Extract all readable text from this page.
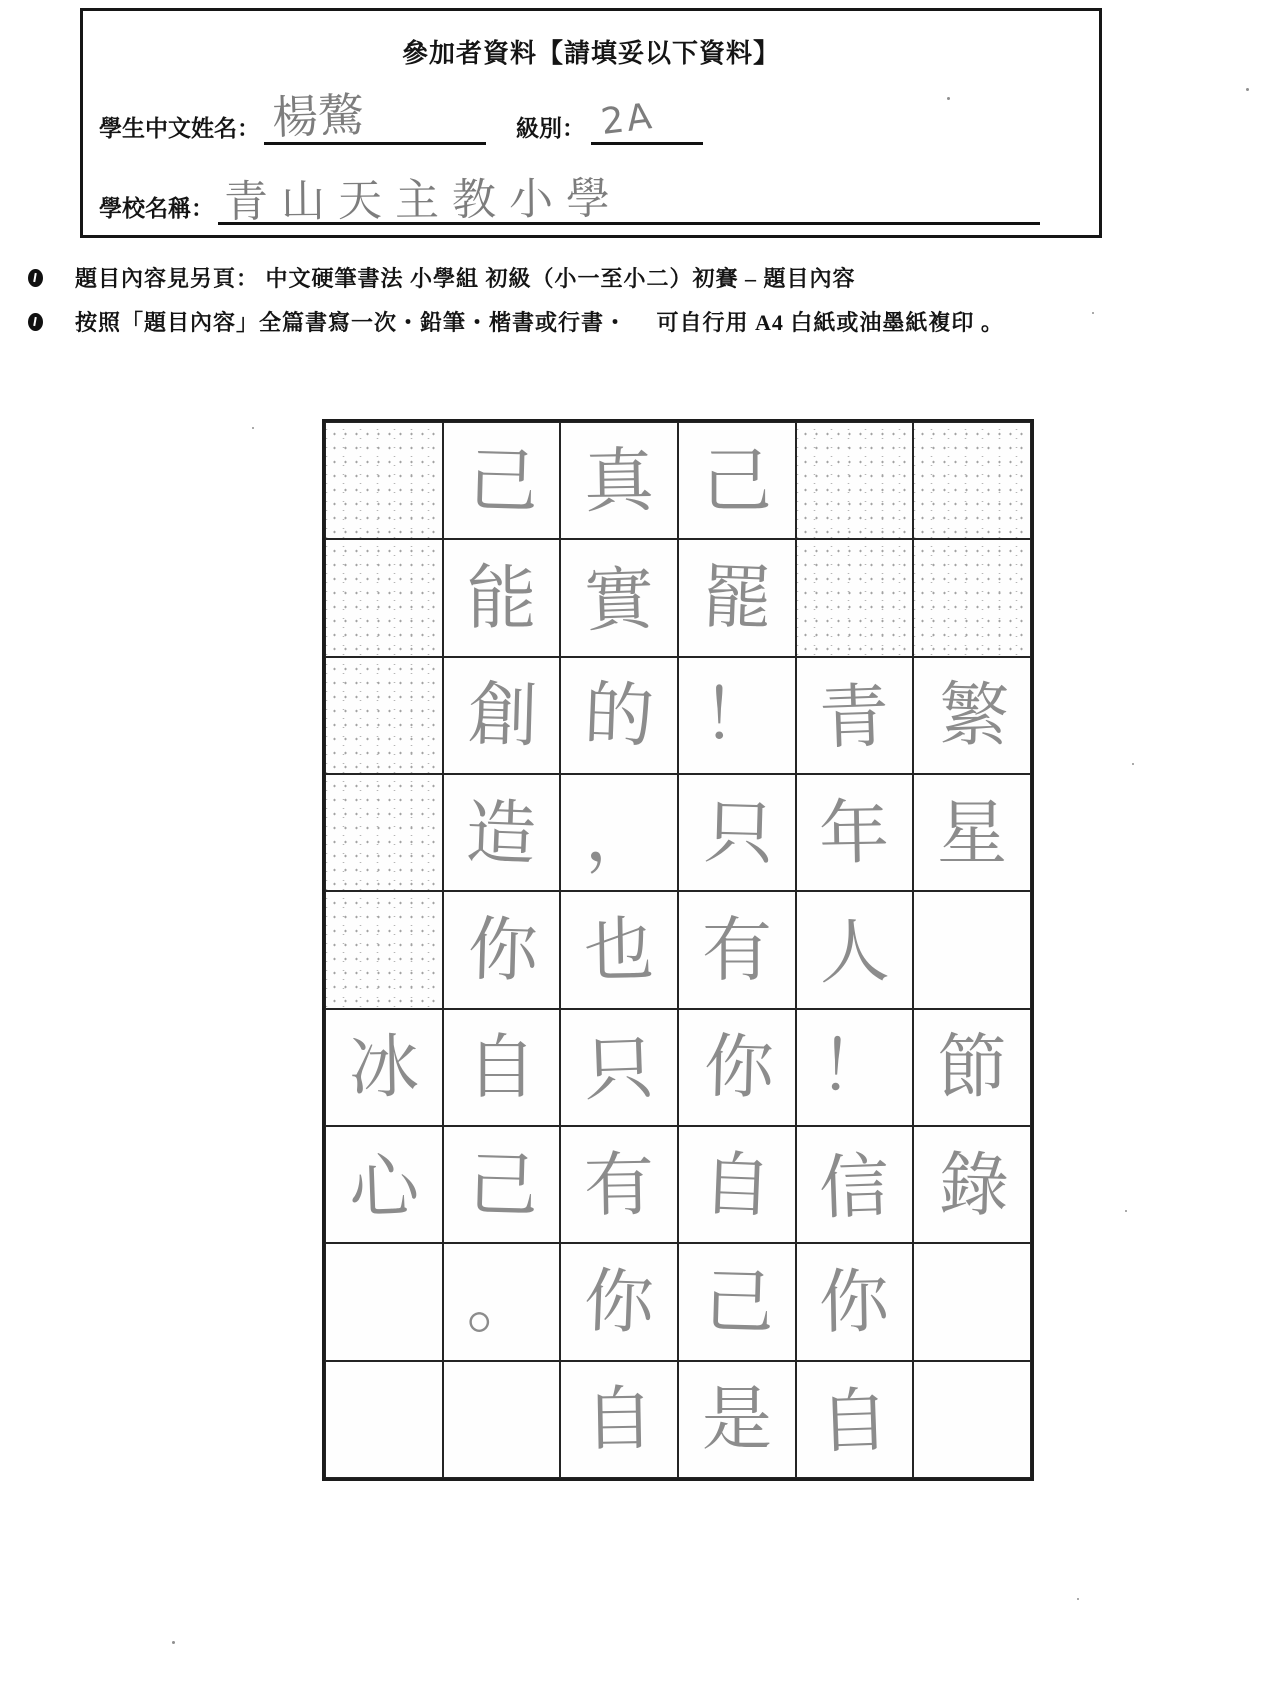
參加者資料【請填妥以下資料】
學生中文姓名： 楊驁	級別： 2A
學校名稱： 青山天主教小學
題目內容見另頁： 中文硬筆書法 小學組 初級（小一至小二）初賽 – 題目內容
按照「題目內容」全篇書寫一次・鉛筆・楷書或行書・　 可自行用 A4 白紙或油墨紙複印 。
己 真 己
能 實 罷
創 的 ！ 青 繁
造 ， 只 年 星
你 也 有 人
冰 自 只 你 ！ 節
心 己 有 自 信 錄
。 你 己 你
自 是 自
